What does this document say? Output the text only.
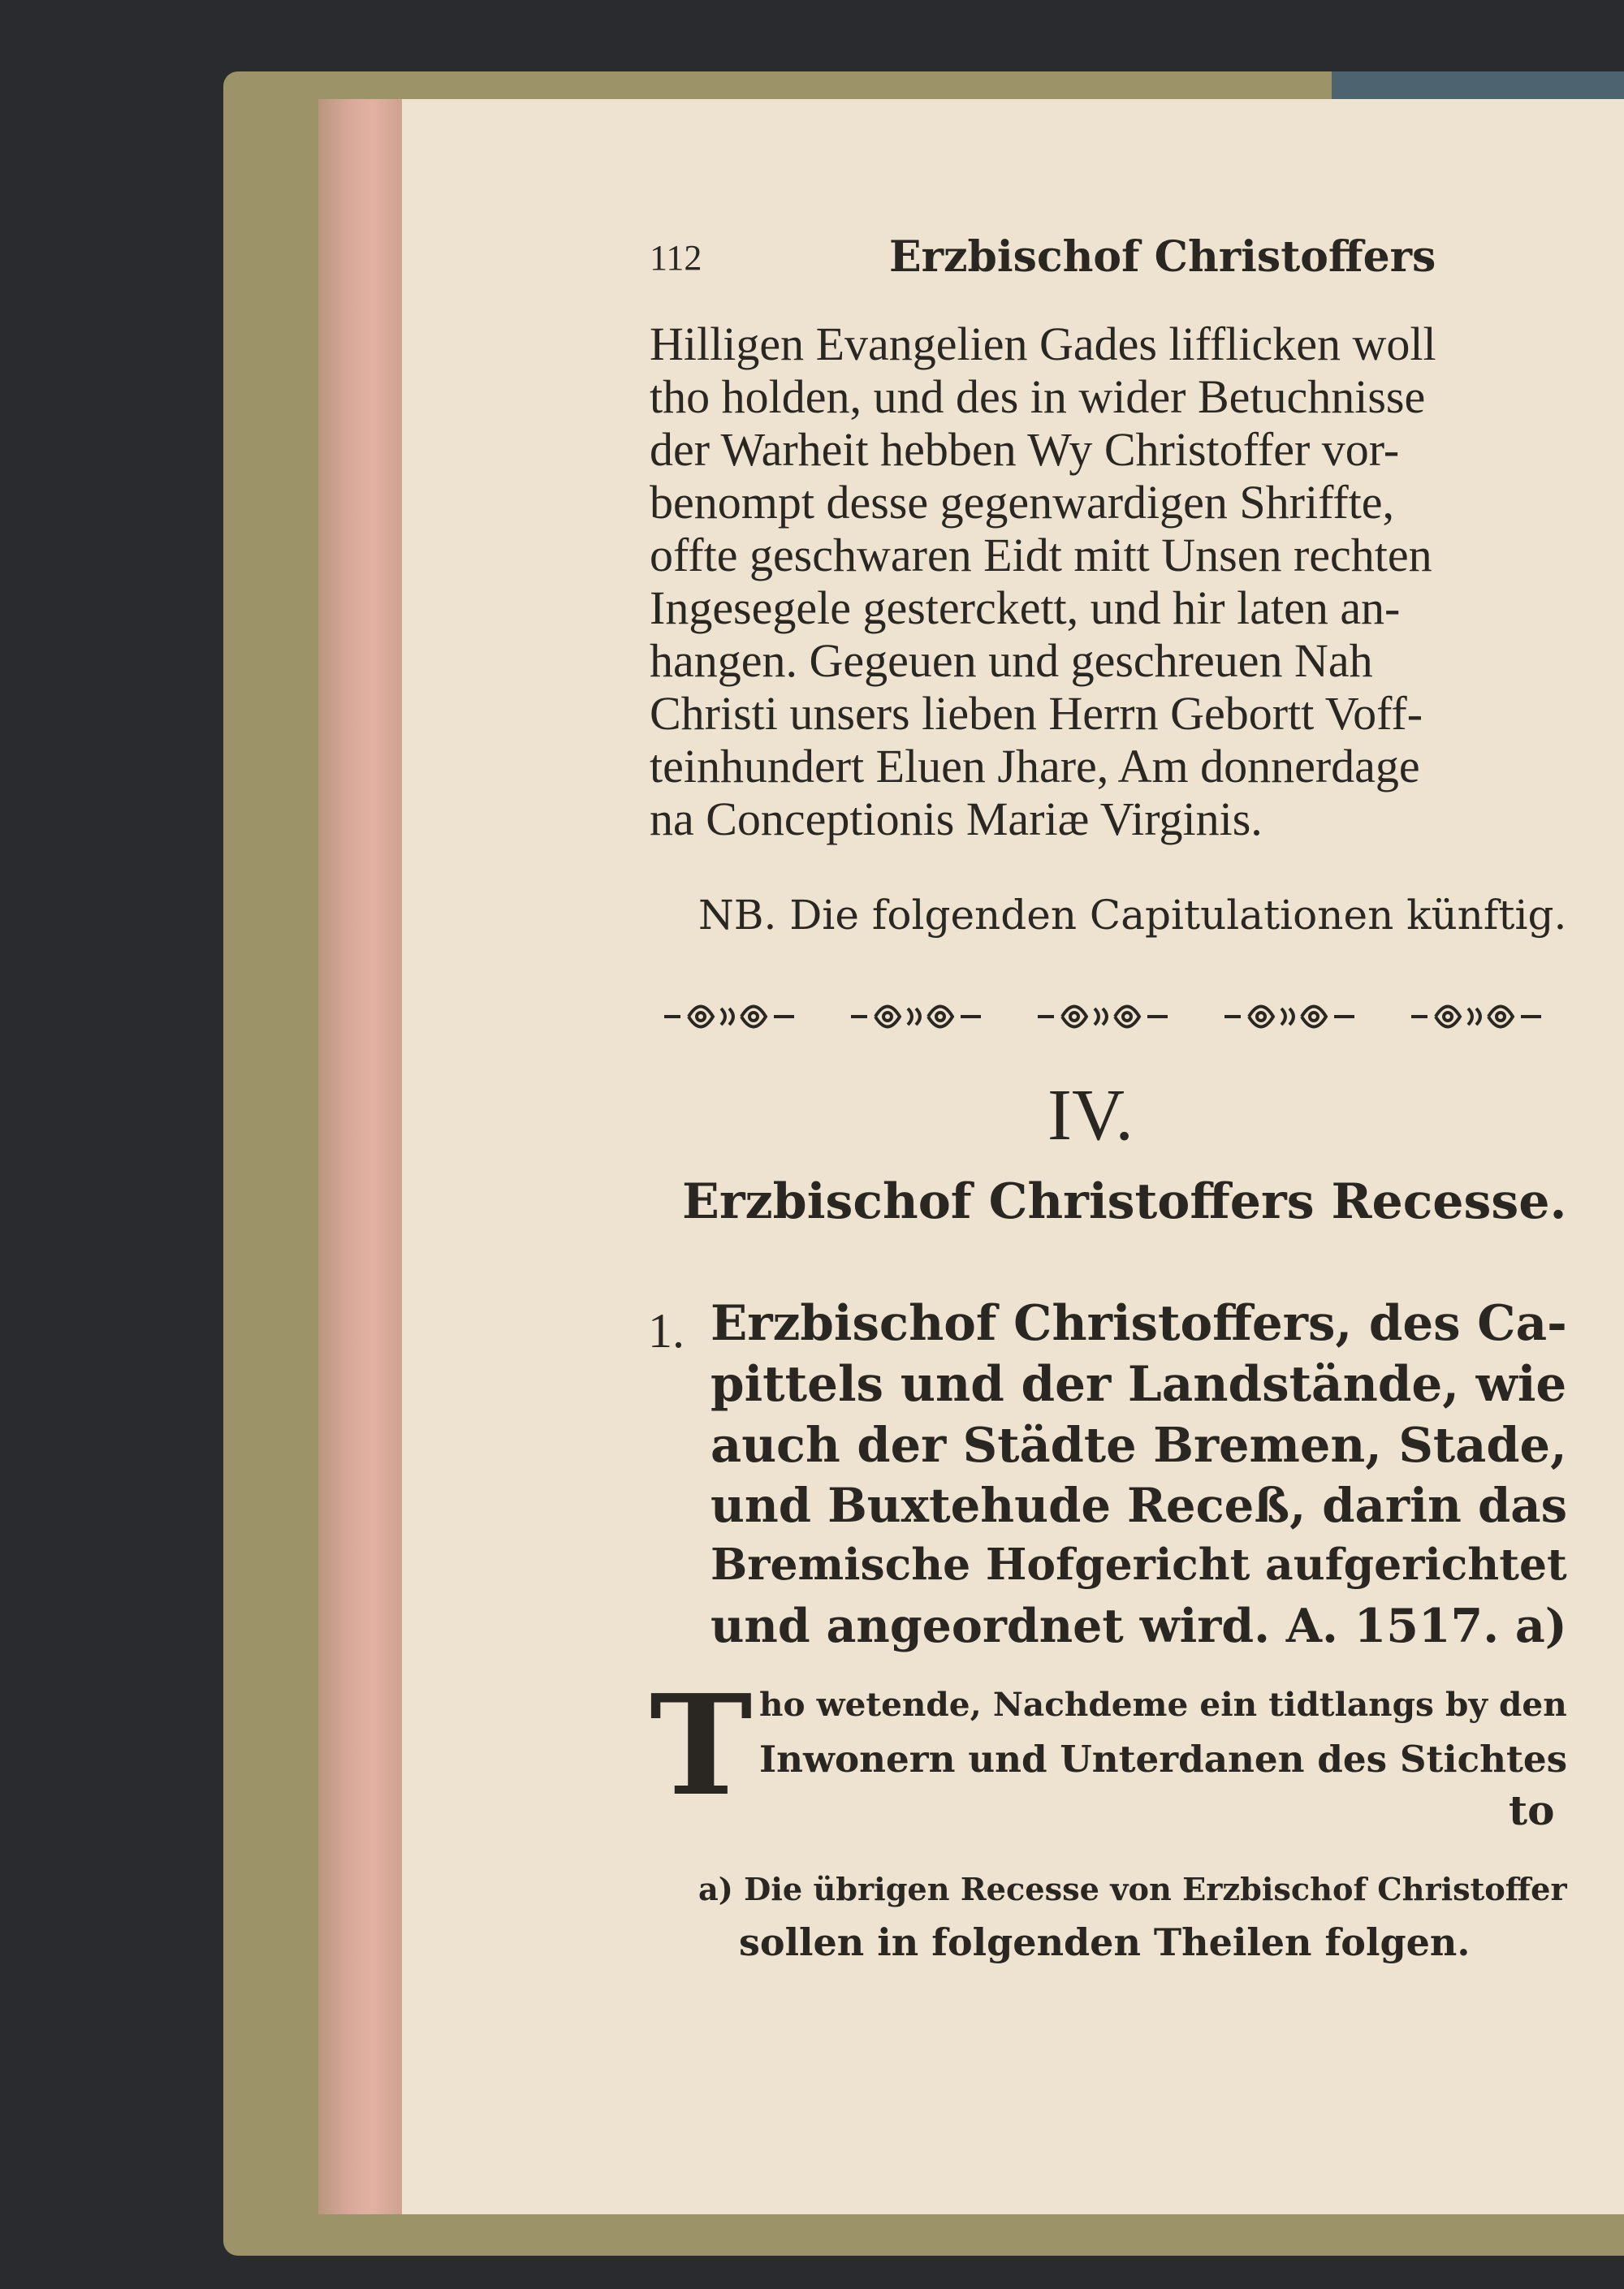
112	Erzbischof Christoffers
Hilligen Evangelien Gades lifflicken woll
tho holden, und des in wider Betuchnisse
der Warheit hebben Wy Christoffer vor-
benompt desse gegenwardigen Shriffte,
offte geschwaren Eidt mitt Unsen rechten
Ingesegele gesterckett, und hir laten an-
hangen. Gegeuen und geschreuen Nah
Christi unsers lieben Herrn Gebortt Voff-
teinhundert Eluen Jhare, Am donnerdage
na Conceptionis Mariæ Virginis.
NB. Die folgenden Capitulationen künftig.
IV.
Erzbischof Christoffers Recesse.
1. Erzbischof Christoffers, des Ca-
pittels und der Landstände, wie
auch der Städte Bremen, Stade,
und Buxtehude Receß, darin das
Bremische Hofgericht aufgerichtet
und angeordnet wird. A. 1517. a)
T ho wetende, Nachdeme ein tidtlangs by den
Inwonern und Unterdanen des Stichtes
to
a) Die übrigen Recesse von Erzbischof Christoffer
sollen in folgenden Theilen folgen.
